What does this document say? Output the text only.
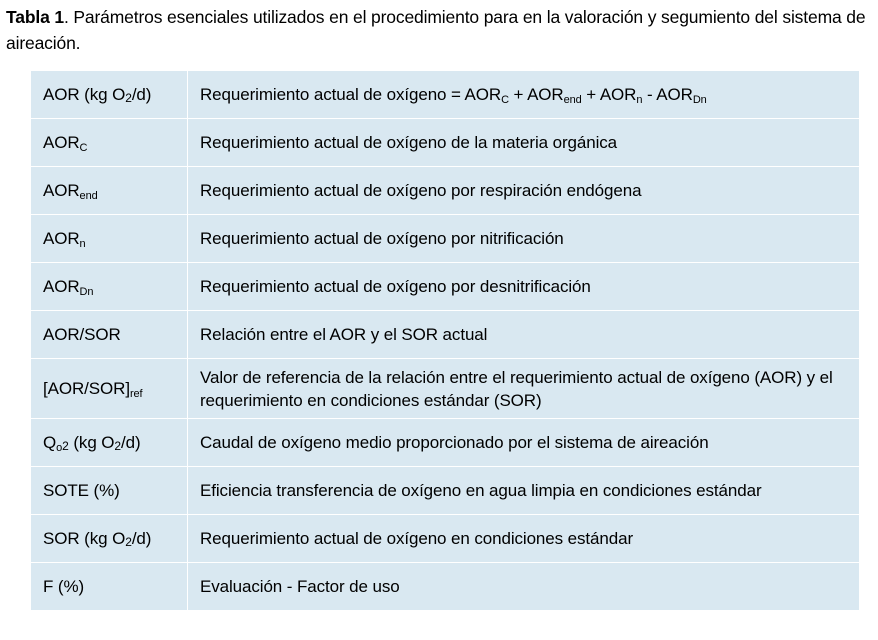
Tabla 1. Parámetros esenciales utilizados en el procedimiento para en la valoración y segumiento del sistema de aireación.
AOR (kg $O_2/d$)	Requerimiento actual de oxígeno = $AOR_C + AOR_{end} + AOR_n - AOR_{Dn}$
$AOR_C$	Requerimiento actual de oxígeno de la materia orgánica
$AOR_{end}$	Requerimiento actual de oxígeno por respiración endógena
$AOR_n$	Requerimiento actual de oxígeno por nitrificación
$AOR_{Dn}$	Requerimiento actual de oxígeno por desnitrificación
AOR/SOR	Relación entre el AOR y el SOR actual
$[AOR/SOR]_{ref}$	Valor de referencia de la relación entre el requerimiento actual de oxígeno (AOR) y el requerimiento en condiciones estándar (SOR)
$Q_{o2}$ (kg $O_2/d$)	Caudal de oxígeno medio proporcionado por el sistema de aireación
SOTE (%)	Eficiencia transferencia de oxígeno en agua limpia en condiciones estándar
SOR (kg $O_2/d$)	Requerimiento actual de oxígeno en condiciones estándar
F (%)	Evaluación - Factor de uso
